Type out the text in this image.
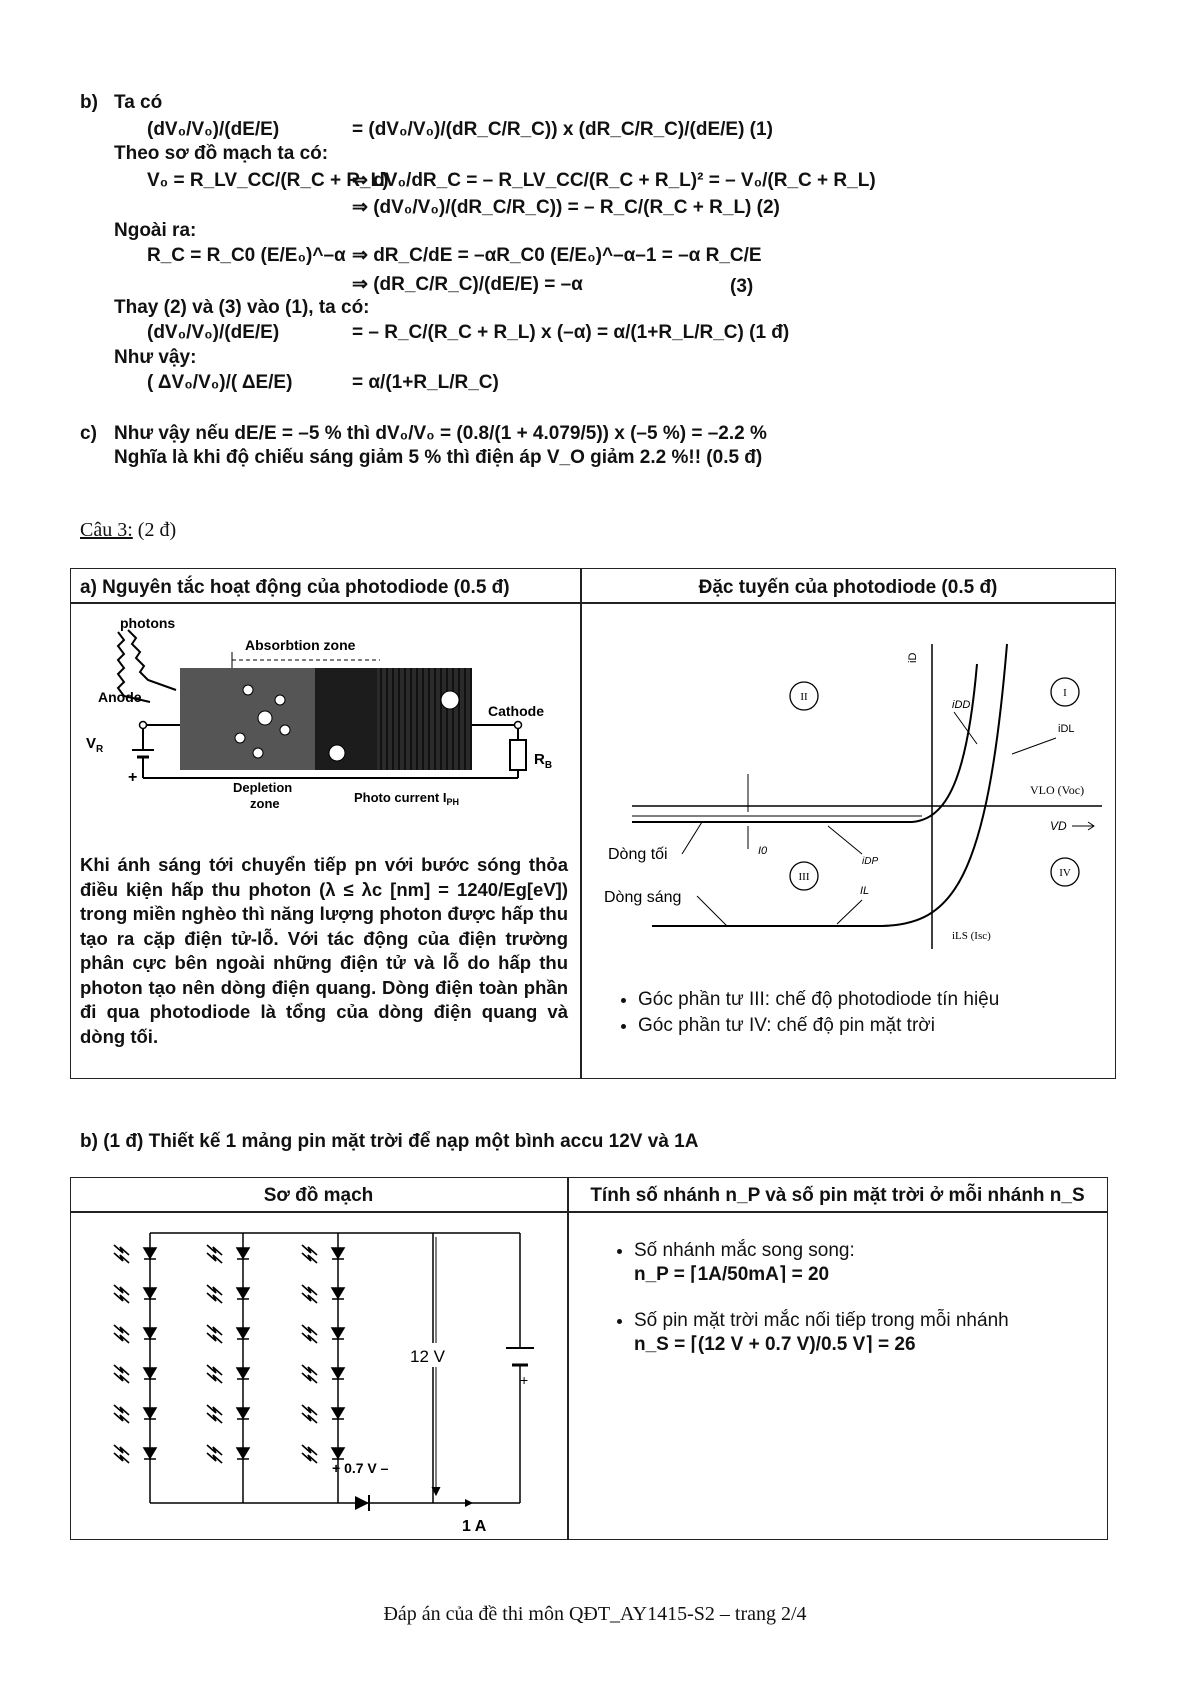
b) Ta có
(dV₀/V₀)/(dE/E)	= (dV₀/V₀)/(dR_C/R_C)) x (dR_C/R_C)/(dE/E) (1)
Theo sơ đồ mạch ta có:
V₀ = R_LV_CC/(R_C + R_L)
⇒ dV₀/dR_C = – R_LV_CC/(R_C + R_L)² = – V₀/(R_C + R_L)
⇒ (dV₀/V₀)/(dR_C/R_C)) = – R_C/(R_C + R_L) (2)
Ngoài ra:
R_C = R_C0 (E/E₀)^–α ⇒ dR_C/dE = –αR_C0 (E/E₀)^–α–1 = –α R_C/E
⇒ (dR_C/R_C)/(dE/E) = –α	(3)
Thay (2) và (3) vào (1), ta có:
(dV₀/V₀)/(dE/E)	= – R_C/(R_C + R_L) x (–α) = α/(1+R_L/R_C) (1 đ)
Như vậy:
( ΔV₀/V₀)/( ΔE/E)	= α/(1+R_L/R_C)
c) Như vậy nếu dE/E = –5 % thì dV₀/V₀ = (0.8/(1 + 4.079/5)) x (–5 %) = –2.2 %
Nghĩa là khi độ chiếu sáng giảm 5 % thì điện áp V_O giảm 2.2 %!! (0.5 đ)
Câu 3: (2 đ)
a) Nguyên tắc hoạt động của photodiode (0.5 đ)	Đặc tuyến của photodiode (0.5 đ)
Absorbtion zone
photons
Anode
Cathode
$V_R$
+
$R_B$
Depletion
zone	Photo current $I_{PH}$
Khi ánh sáng tới chuyển tiếp pn với bước sóng thỏa điều kiện hấp thu photon (λ ≤ λc [nm] = 1240/Eg[eV]) trong miền nghèo thì năng lượng photon được hấp thu tạo ra cặp điện tử-lỗ. Với tác động của điện trường phân cực bên ngoài những điện tử và lỗ do hấp thu photon tạo nên dòng điện quang. Dòng điện toàn phần đi qua photodiode là tổng của dòng điện quang và dòng tối.
iD
VD
II	I
III	IV
iDD
iDL
VLO (Voc)
Dòng tối
Dòng sáng
I0
iDP
IL
iLS (Isc)
• Góc phần tư III: chế độ photodiode tín hiệu
• Góc phần tư IV: chế độ pin mặt trời
b) (1 đ) Thiết kế 1 mảng pin mặt trời để nạp một bình accu 12V và 1A
Sơ đồ mạch	Tính số nhánh n_P và số pin mặt trời ở mỗi nhánh n_S
+
12 V
+ 0.7 V –
1 A
• Số nhánh mắc song song:
n_P = ⌈1A/50mA⌉ = 20
• Số pin mặt trời mắc nối tiếp trong mỗi nhánh
n_S = ⌈(12 V + 0.7 V)/0.5 V⌉ = 26
Đáp án của đề thi môn QĐT_AY1415-S2 – trang 2/4
